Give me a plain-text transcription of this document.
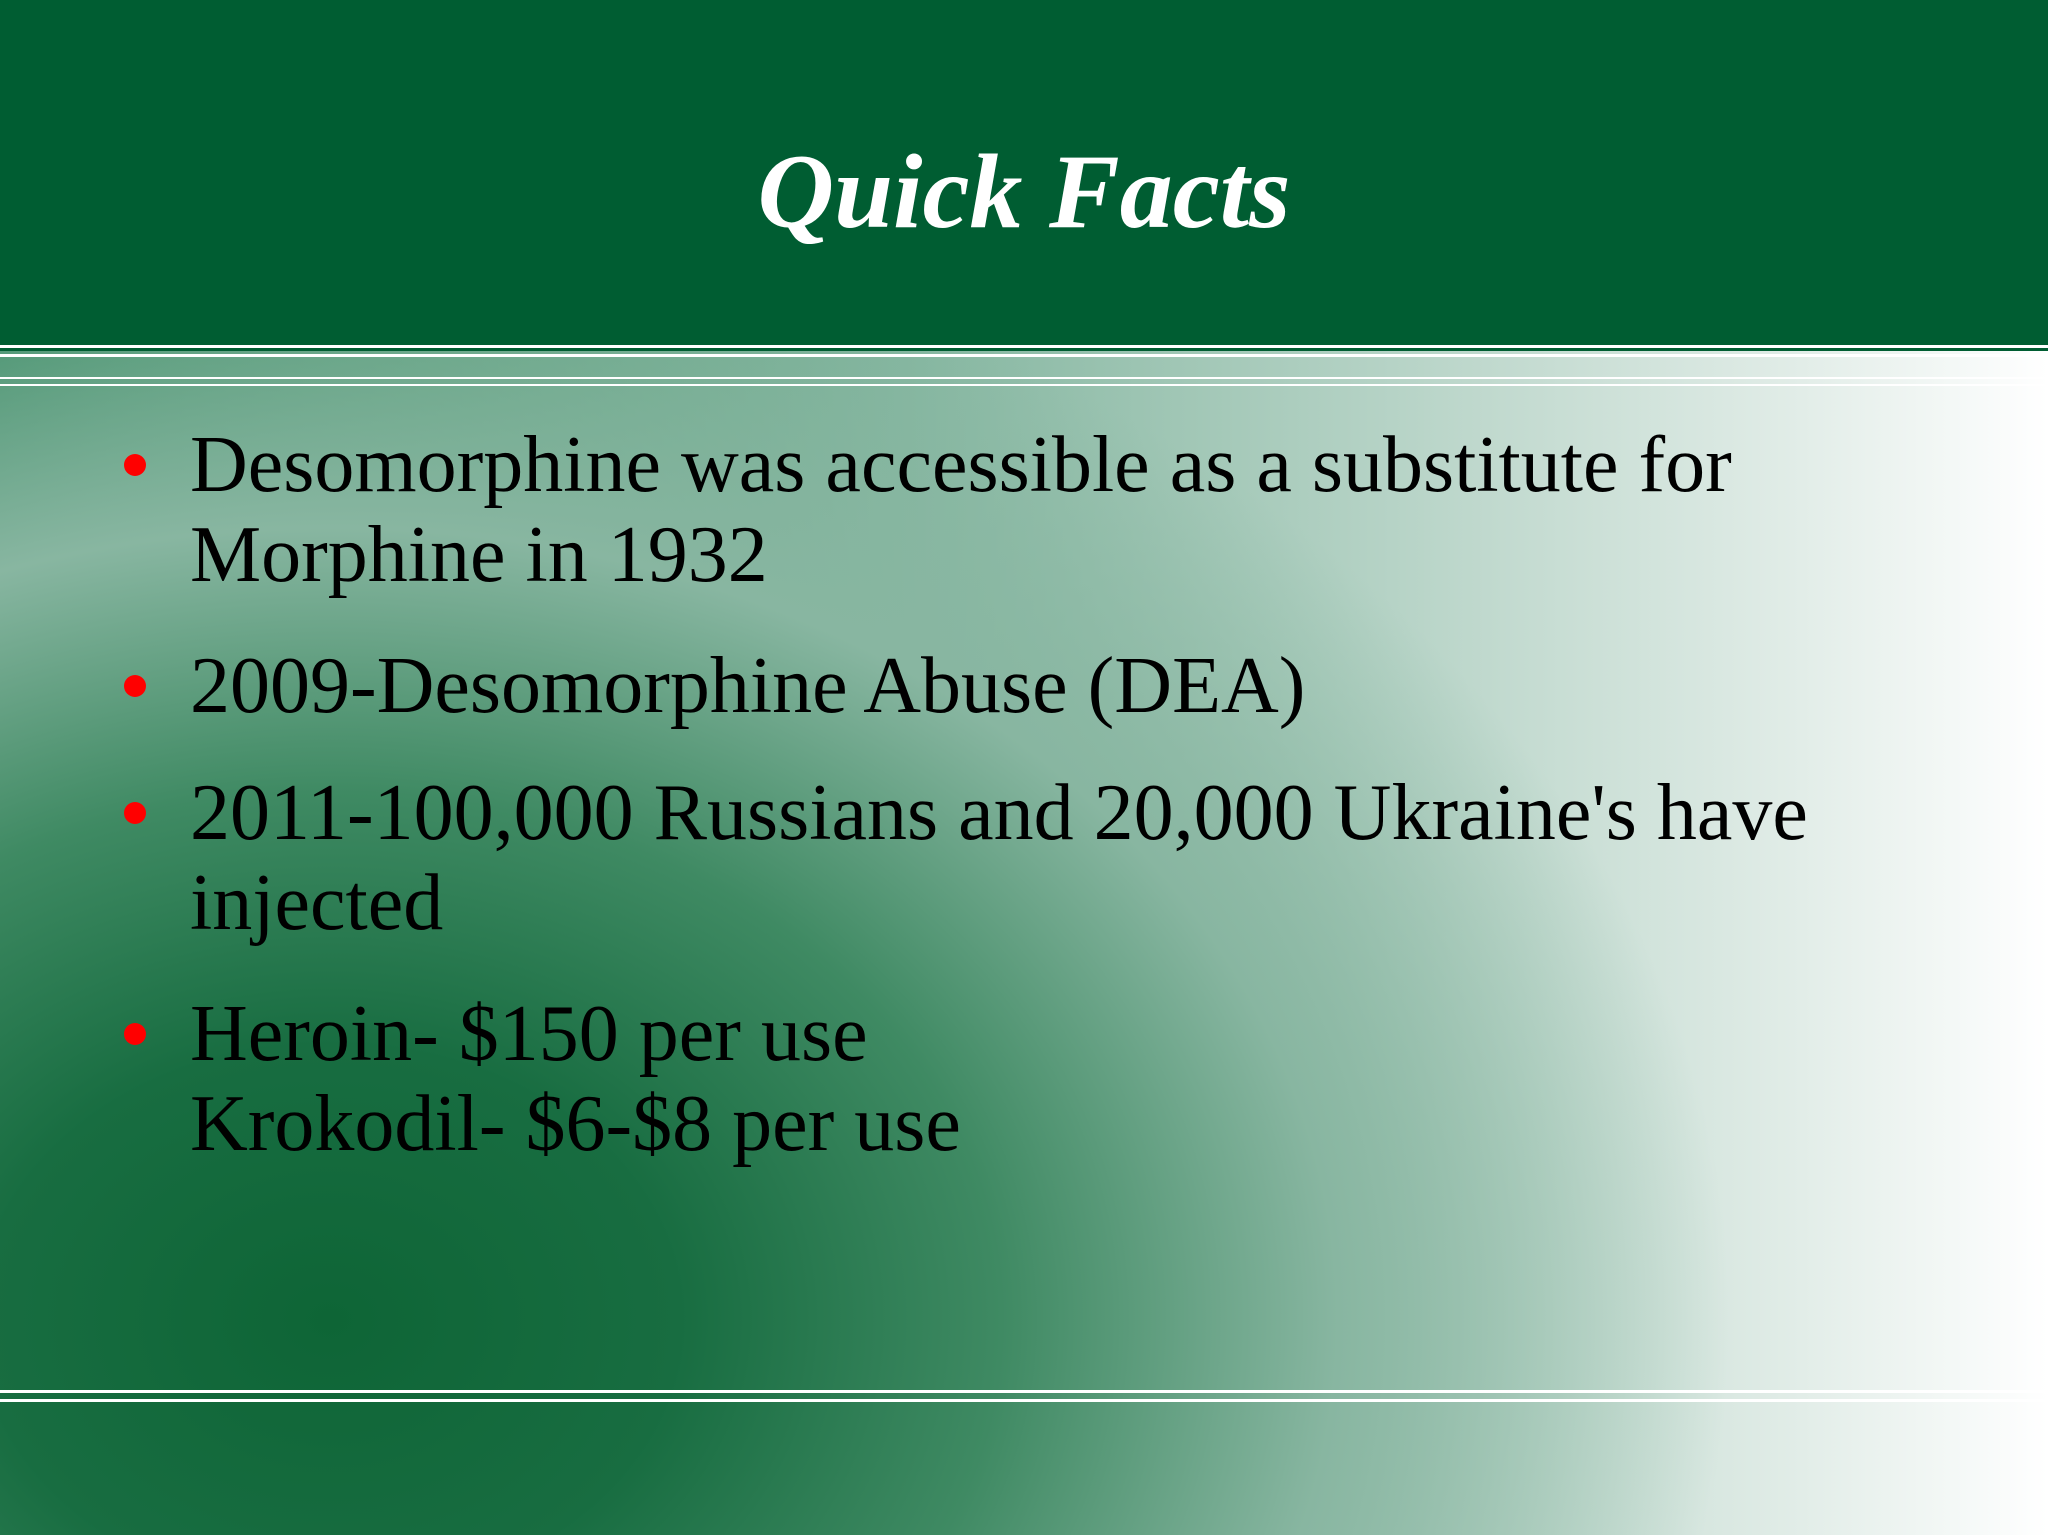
Quick Facts
Desomorphine was accessible as a substitute for
Morphine in 1932
2009-Desomorphine Abuse (DEA)
2011-100,000 Russians and 20,000 Ukraine's have
injected
Heroin- $150 per use
Krokodil- $6-$8 per use
